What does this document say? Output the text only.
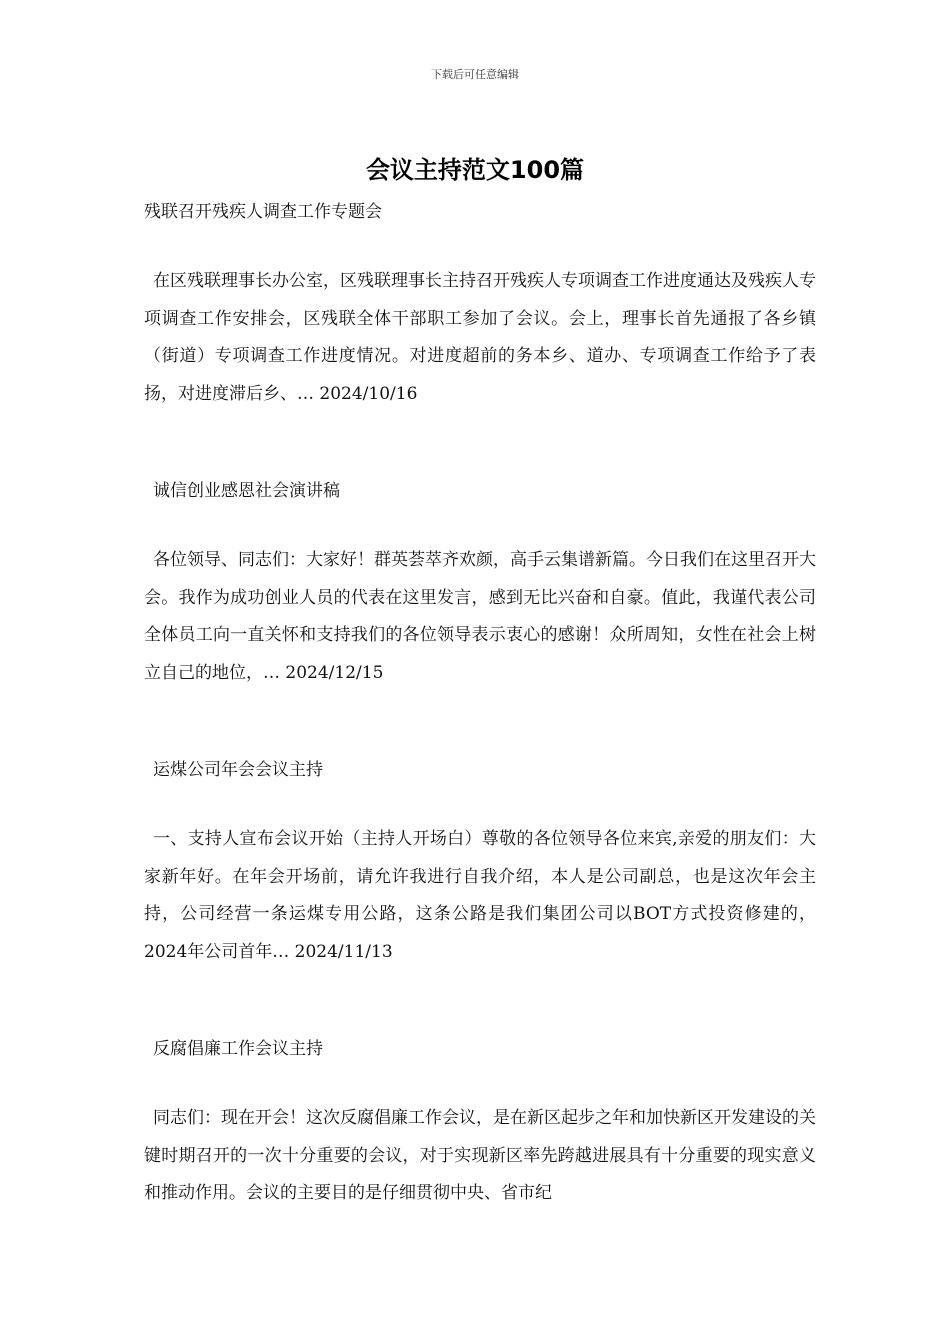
下载后可任意编辑
会议主持范文100篇

残联召开残疾人调查工作专题会

在区残联理事长办公室，区残联理事长主持召开残疾人专项调查工作进度通达及残疾人专项调查工作安排会，区残联全体干部职工参加了会议。会上，理事长首先通报了各乡镇（街道）专项调查工作进度情况。对进度超前的务本乡、道办、专项调查工作给予了表扬，对进度滞后乡、… 2024/10/16

诚信创业感恩社会演讲稿

各位领导、同志们：大家好！群英荟萃齐欢颜，高手云集谱新篇。今日我们在这里召开大会。我作为成功创业人员的代表在这里发言，感到无比兴奋和自豪。值此，我谨代表公司全体员工向一直关怀和支持我们的各位领导表示衷心的感谢！众所周知，女性在社会上树立自己的地位，… 2024/12/15

运煤公司年会会议主持

一、支持人宣布会议开始（主持人开场白）尊敬的各位领导各位来宾,亲爱的朋友们：大家新年好。在年会开场前，请允许我进行自我介绍，本人是公司副总，也是这次年会主持，公司经营一条运煤专用公路，这条公路是我们集团公司以BOT方式投资修建的，2024年公司首年… 2024/11/13

反腐倡廉工作会议主持

同志们：现在开会！这次反腐倡廉工作会议，是在新区起步之年和加快新区开发建设的关键时期召开的一次十分重要的会议，对于实现新区率先跨越进展具有十分重要的现实意义和推动作用。会议的主要目的是仔细贯彻中央、省市纪
